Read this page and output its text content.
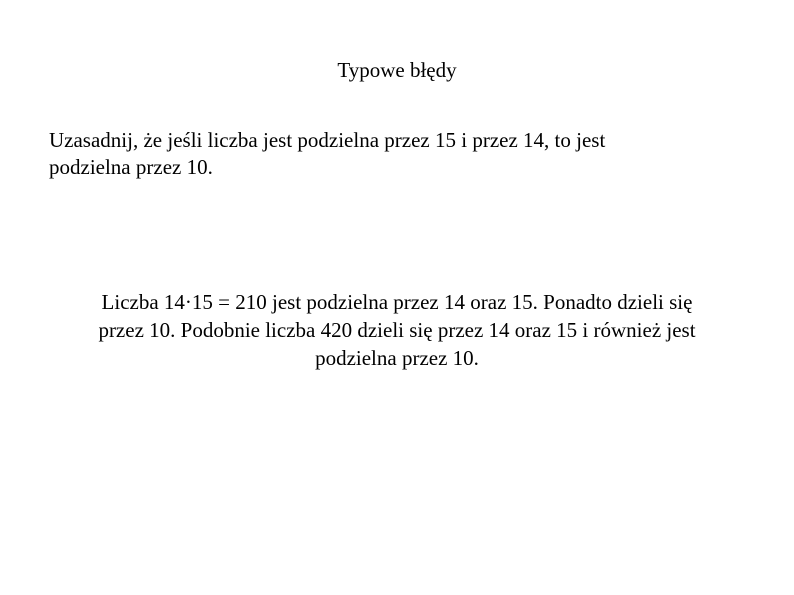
Typowe błędy
Uzasadnij, że jeśli liczba jest podzielna przez 15 i przez 14, to jest
podzielna przez 10.
Liczba 14·15 = 210 jest podzielna przez 14 oraz 15. Ponadto dzieli się
przez 10. Podobnie liczba 420 dzieli się przez 14 oraz 15 i również jest
podzielna przez 10.
